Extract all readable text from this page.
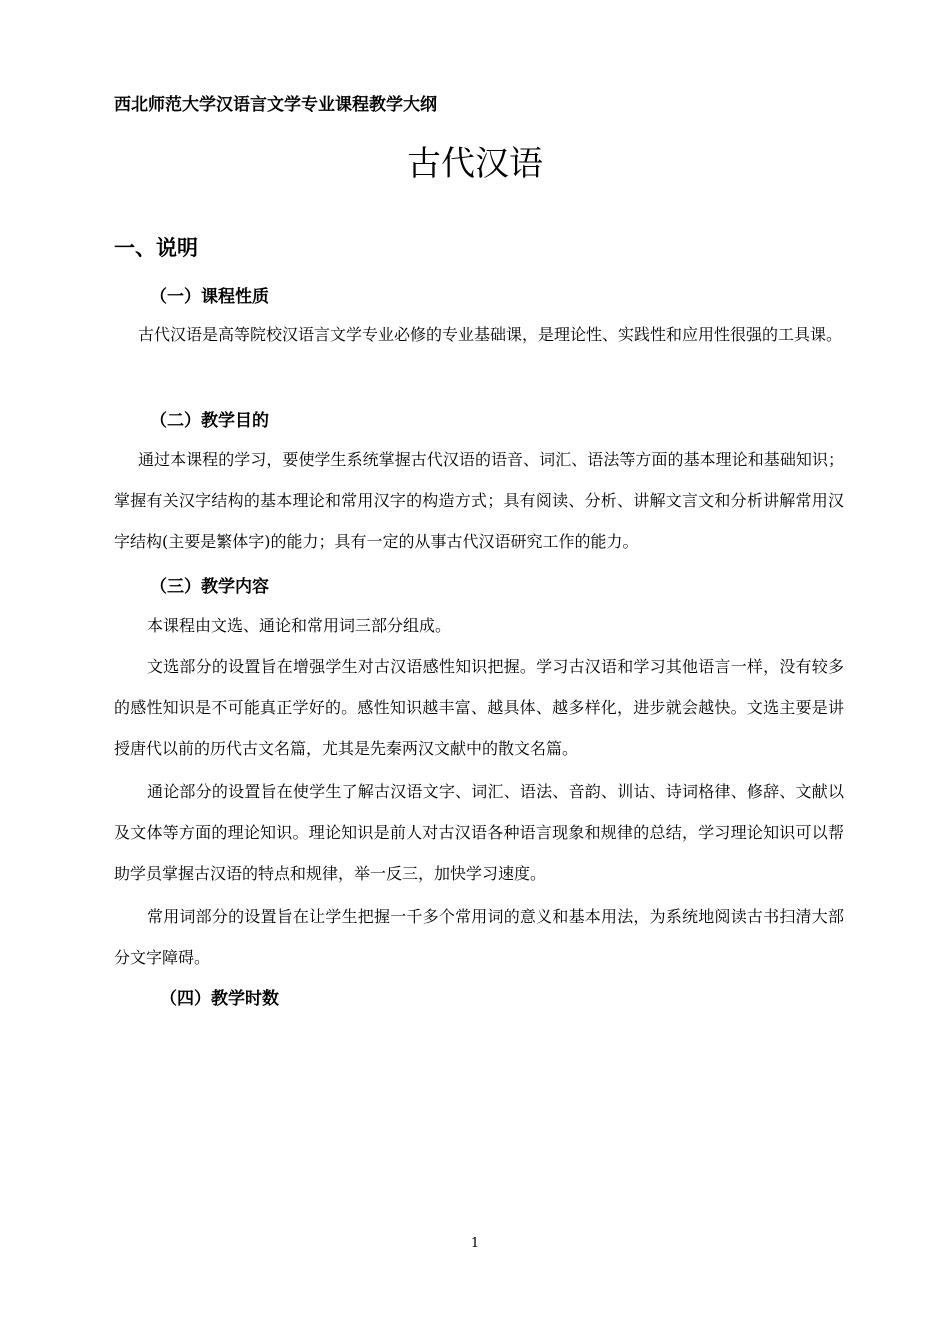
西北师范大学汉语言文学专业课程教学大纲
古代汉语
一、说明
（一）课程性质

古代汉语是高等院校汉语言文学专业必修的专业基础课，是理论性、实践性和应用性很强的工具课。

（二）教学目的

通过本课程的学习，要使学生系统掌握古代汉语的语音、词汇、语法等方面的基本理论和基础知识；掌握有关汉字结构的基本理论和常用汉字的构造方式；具有阅读、分析、讲解文言文和分析讲解常用汉字结构(主要是繁体字)的能力；具有一定的从事古代汉语研究工作的能力。

（三）教学内容

本课程由文选、通论和常用词三部分组成。

文选部分的设置旨在增强学生对古汉语感性知识把握。学习古汉语和学习其他语言一样，没有较多的感性知识是不可能真正学好的。感性知识越丰富、越具体、越多样化，进步就会越快。文选主要是讲授唐代以前的历代古文名篇，尤其是先秦两汉文献中的散文名篇。

通论部分的设置旨在使学生了解古汉语文字、词汇、语法、音韵、训诂、诗词格律、修辞、文献以及文体等方面的理论知识。理论知识是前人对古汉语各种语言现象和规律的总结，学习理论知识可以帮助学员掌握古汉语的特点和规律，举一反三，加快学习速度。

常用词部分的设置旨在让学生把握一千多个常用词的意义和基本用法，为系统地阅读古书扫清大部分文字障碍。

（四）教学时数
1
